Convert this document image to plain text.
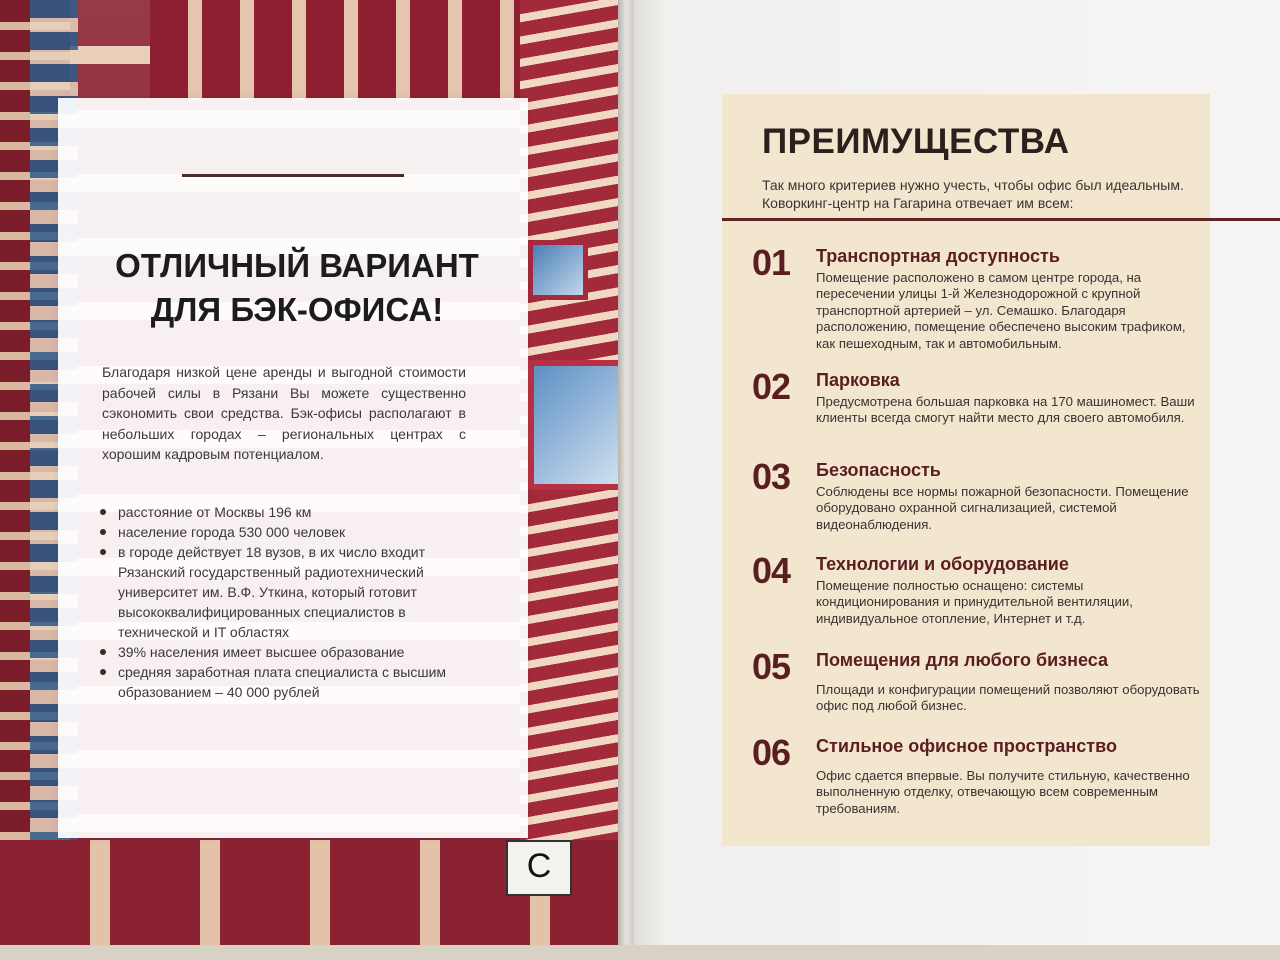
C
ОТЛИЧНЫЙ ВАРИАНТ
ДЛЯ БЭК-ОФИСА!

Благодаря низкой цене аренды и выгодной стоимости рабочей силы в Рязани Вы можете существенно сэкономить свои средства. Бэк-офисы располагают в небольших городах – региональных центрах с хорошим кадровым потенциалом.

расстояние от Москвы 196 км
население города 530 000 человек
в городе действует 18 вузов, в их число входит Рязанский государственный радиотехнический университет им. В.Ф. Уткина, который готовит высококвалифицированных специалистов в технической и IT областях
39% населения имеет высшее образование
средняя заработная плата специалиста с высшим образованием – 40 000 рублей
ПРЕИМУЩЕСТВА

Так много критериев нужно учесть, чтобы офис был идеальным. Коворкинг-центр на Гагарина отвечает им всем:

01 Транспортная доступность

Помещение расположено в самом центре города, на пересечении улицы 1-й Железнодорожной с крупной транспортной артерией – ул. Семашко. Благодаря расположению, помещение обеспечено высоким трафиком, как пешеходным, так и автомобильным.

02 Парковка

Предусмотрена большая парковка на 170 машиномест. Ваши клиенты всегда смогут найти место для своего автомобиля.

03 Безопасность

Соблюдены все нормы пожарной безопасности. Помещение оборудовано охранной сигнализацией, системой видеонаблюдения.

04 Технологии и оборудование

Помещение полностью оснащено: системы кондиционирования и принудительной вентиляции, индивидуальное отопление, Интернет и т.д.

05 Помещения для любого бизнеса

Площади и конфигурации помещений позволяют оборудовать офис под любой бизнес.

06 Стильное офисное пространство

Офис сдается впервые. Вы получите стильную, качественно выполненную отделку, отвечающую всем современным требованиям.
